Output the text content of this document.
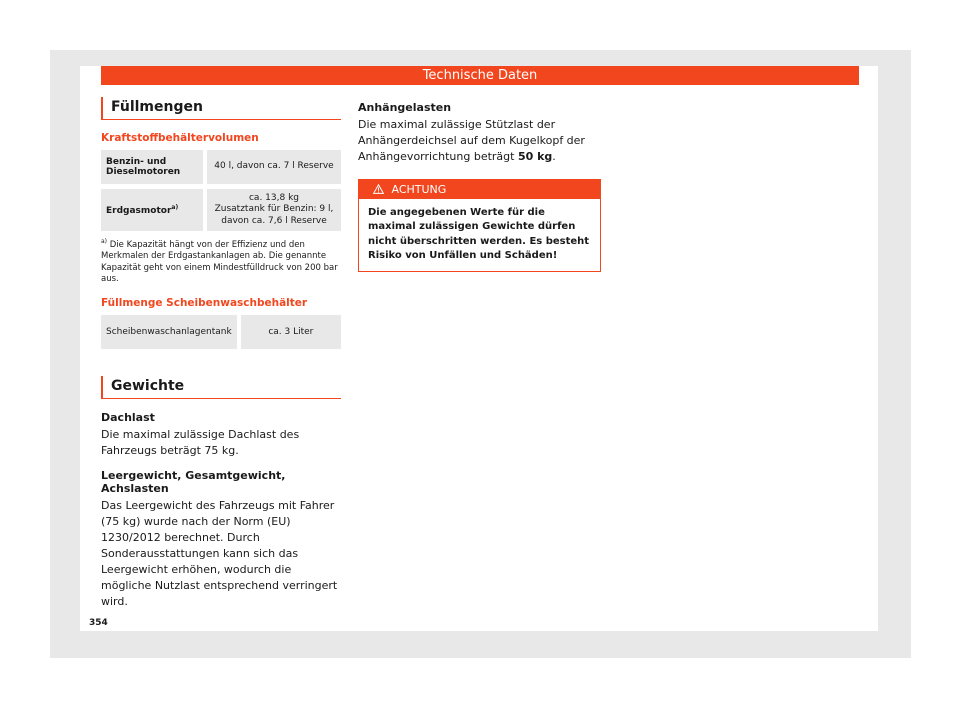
Technische Daten
Füllmengen
Kraftstoffbehältervolumen
Benzin- und Dieselmotoren	40 l, davon ca. 7 l Reserve

Erdgasmotor$^{a)}$	ca. 13,8 kg
Zusatztank für Benzin: 9 l, davon ca. 7,6 l Reserve
$^{a)}$ Die Kapazität hängt von der Effizienz und den Merkmalen der Erdgastankanlagen ab. Die genannte Kapazität geht von einem Mindestfülldruck von 200 bar aus.
Füllmenge Scheibenwaschbehälter
Scheibenwaschanlagentank	ca. 3 Liter
Gewichte
Dachlast
Die maximal zulässige Dachlast des Fahrzeugs beträgt 75 kg.
Leergewicht, Gesamtgewicht, Achslasten
Das Leergewicht des Fahrzeugs mit Fahrer (75 kg) wurde nach der Norm (EU) 1230/2012 berechnet. Durch Sonderausstattungen kann sich das Leergewicht erhöhen, wodurch die mögliche Nutzlast entsprechend verringert wird.
Anhängelasten
Die maximal zulässige Stützlast der Anhängerdeichsel auf dem Kugelkopf der Anhängevorrichtung beträgt 50 kg.
ACHTUNG
Die angegebenen Werte für die maximal zulässigen Gewichte dürfen nicht überschritten werden. Es besteht Risiko von Unfällen und Schäden!
354
